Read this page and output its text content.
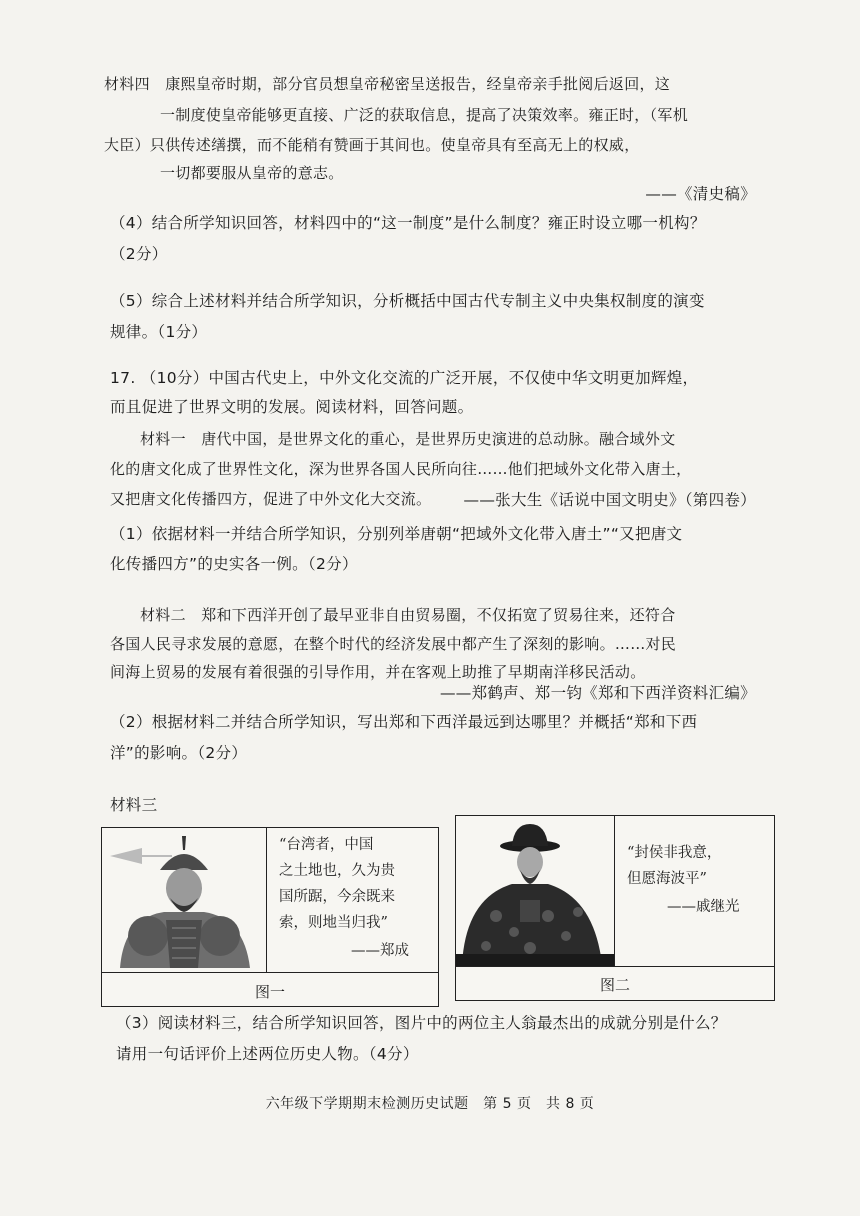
材料四　康熙皇帝时期，部分官员想皇帝秘密呈送报告，经皇帝亲手批阅后返回，这
一制度使皇帝能够更直接、广泛的获取信息，提高了决策效率。雍正时，（军机
大臣）只供传述缮撰，而不能稍有赞画于其间也。使皇帝具有至高无上的权威，
一切都要服从皇帝的意志。
——《清史稿》
（4）结合所学知识回答，材料四中的“这一制度”是什么制度？雍正时设立哪一机构？
（2分）
（5）综合上述材料并结合所学知识，分析概括中国古代专制主义中央集权制度的演变
规律。（1分）
17. （10分）中国古代史上，中外文化交流的广泛开展，不仅使中华文明更加辉煌，
而且促进了世界文明的发展。阅读材料，回答问题。
材料一　唐代中国，是世界文化的重心，是世界历史演进的总动脉。融合域外文
化的唐文化成了世界性文化，深为世界各国人民所向往……他们把域外文化带入唐土，
又把唐文化传播四方，促进了中外文化大交流。	——张大生《话说中国文明史》（第四卷）
（1）依据材料一并结合所学知识，分别列举唐朝“把域外文化带入唐土”“又把唐文
化传播四方”的史实各一例。（2分）
材料二　郑和下西洋开创了最早亚非自由贸易圈，不仅拓宽了贸易往来，还符合
各国人民寻求发展的意愿，在整个时代的经济发展中都产生了深刻的影响。……对民
间海上贸易的发展有着很强的引导作用，并在客观上助推了早期南洋移民活动。
——郑鹤声、郑一钧《郑和下西洋资料汇编》
（2）根据材料二并结合所学知识，写出郑和下西洋最远到达哪里？并概括“郑和下西
洋”的影响。（2分）
材料三
“台湾者，中国
之土地也，久为贵
国所踞，今余既来
索，则地当归我”
——郑成
图一
“封侯非我意，
但愿海波平”
——戚继光
图二
（3）阅读材料三，结合所学知识回答，图片中的两位主人翁最杰出的成就分别是什么？
请用一句话评价上述两位历史人物。（4分）
六年级下学期期末检测历史试题　第 5 页　共 8 页
